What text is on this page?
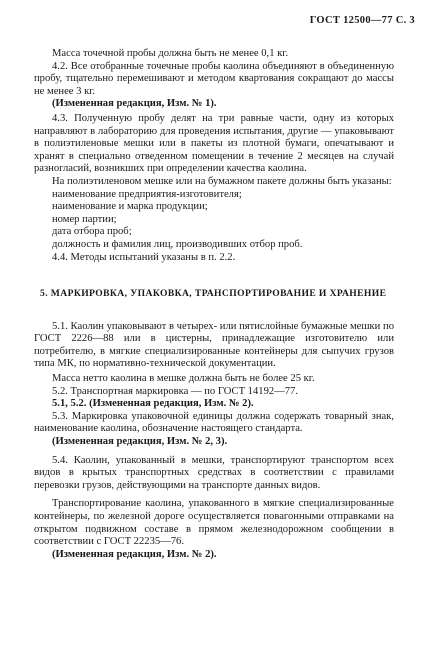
ГОСТ 12500—77 С. 3

Масса точечной пробы должна быть не менее 0,1 кг.

4.2. Все отобранные точечные пробы каолина объединяют в объединенную пробу, тщательно перемешивают и методом квартования сокращают до массы не менее 3 кг.

(Измененная редакция, Изм. № 1).

4.3. Полученную пробу делят на три равные части, одну из которых направляют в лабораторию для проведения испытания, другие — упаковывают в полиэтиленовые мешки или в пакеты из плотной бумаги, опечатывают и хранят в специально отведенном помещении в течение 2 месяцев на случай разногласий, возникших при определении качества каолина.

На полиэтиленовом мешке или на бумажном пакете должны быть указаны:

наименование предприятия-изготовителя;

наименование и марка продукции;

номер партии;

дата отбора проб;

должность и фамилия лиц, производивших отбор проб.

4.4. Методы испытаний указаны в п. 2.2.

5. МАРКИРОВКА, УПАКОВКА, ТРАНСПОРТИРОВАНИЕ И ХРАНЕНИЕ

5.1. Каолин упаковывают в четырех- или пятислойные бумажные мешки по ГОСТ 2226—88 или в цистерны, принадлежащие изготовителю или потребителю, в мягкие специализированные контейнеры для сыпучих грузов типа МК, по нормативно-технической документации.

Масса нетто каолина в мешке должна быть не более 25 кг.

5.2. Транспортная маркировка — по ГОСТ 14192—77.

5.1, 5.2. (Измененная редакция, Изм. № 2).

5.3. Маркировка упаковочной единицы должна содержать товарный знак, наименование каолина, обозначение настоящего стандарта.

(Измененная редакция, Изм. № 2, 3).

5.4. Каолин, упакованный в мешки, транспортируют транспортом всех видов в крытых транспортных средствах в соответствии с правилами перевозки грузов, действующими на транспорте данных видов.

Транспортирование каолина, упакованного в мягкие специализированные контейнеры, по железной дороге осуществляется повагонными отправками на открытом подвижном составе в прямом железнодорожном сообщении в соответствии с ГОСТ 22235—76.

(Измененная редакция, Изм. № 2).
